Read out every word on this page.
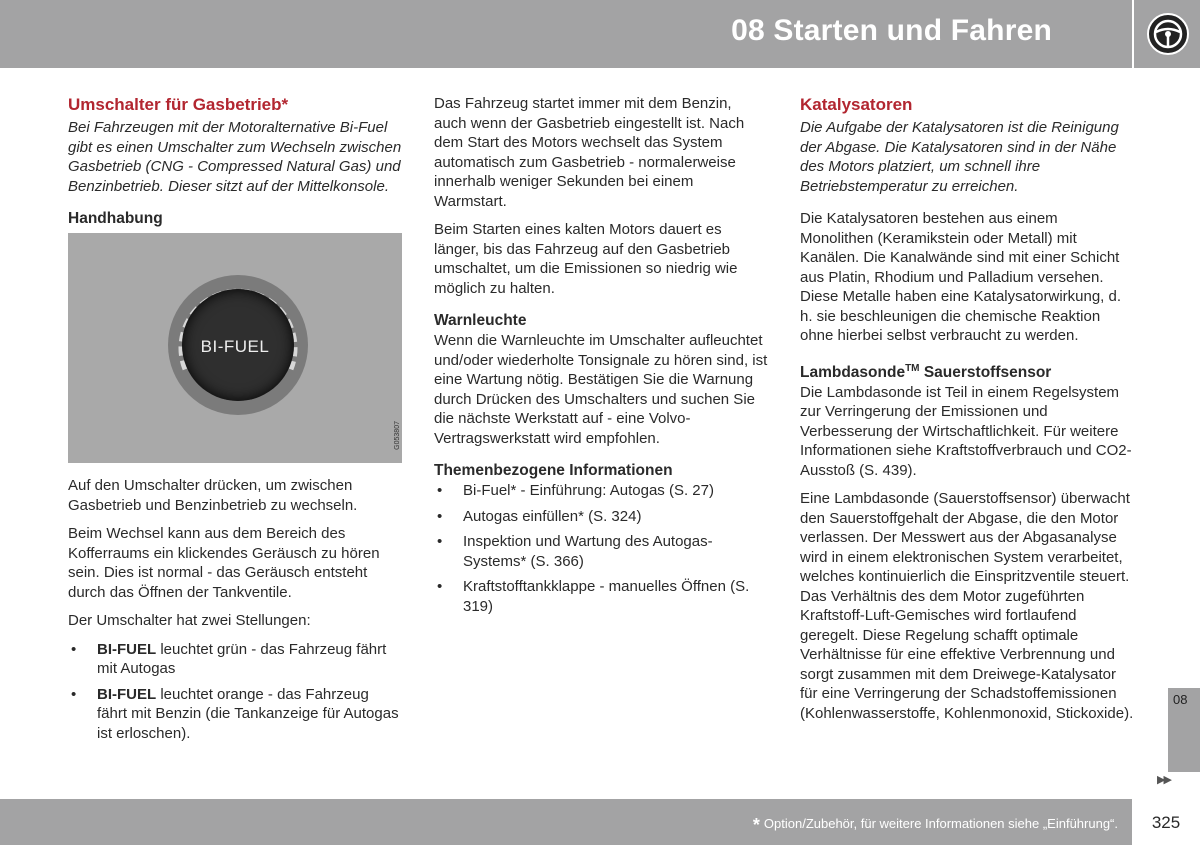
08 Starten und Fahren
Umschalter für Gasbetrieb*

Bei Fahrzeugen mit der Motoralternative Bi-Fuel gibt es einen Umschalter zum Wechseln zwischen Gasbetrieb (CNG - Compressed Natural Gas) und Benzinbetrieb. Dieser sitzt auf der Mittelkonsole.

Handhabung
BI-FUEL
G053807

Auf den Umschalter drücken, um zwischen Gasbetrieb und Benzinbetrieb zu wechseln.

Beim Wechsel kann aus dem Bereich des Kofferraums ein klickendes Geräusch zu hören sein. Dies ist normal - das Geräusch entsteht durch das Öffnen der Tankventile.

Der Umschalter hat zwei Stellungen:

• BI-FUEL leuchtet grün - das Fahrzeug fährt mit Autogas
• BI-FUEL leuchtet orange - das Fahrzeug fährt mit Benzin (die Tankanzeige für Autogas ist erloschen).

Das Fahrzeug startet immer mit dem Benzin, auch wenn der Gasbetrieb eingestellt ist. Nach dem Start des Motors wechselt das System automatisch zum Gasbetrieb - normalerweise innerhalb weniger Sekunden bei einem Warmstart.

Beim Starten eines kalten Motors dauert es länger, bis das Fahrzeug auf den Gasbetrieb umschaltet, um die Emissionen so niedrig wie möglich zu halten.

Warnleuchte

Wenn die Warnleuchte im Umschalter aufleuchtet und/oder wiederholte Tonsignale zu hören sind, ist eine Wartung nötig. Bestätigen Sie die Warnung durch Drücken des Umschalters und suchen Sie die nächste Werkstatt auf - eine Volvo-Vertragswerkstatt wird empfohlen.

Themenbezogene Informationen
• Bi-Fuel* - Einführung: Autogas (S. 27)
• Autogas einfüllen* (S. 324)
• Inspektion und Wartung des Autogas-Systems* (S. 366)
• Kraftstofftankklappe - manuelles Öffnen (S. 319)
Katalysatoren

Die Aufgabe der Katalysatoren ist die Reinigung der Abgase. Die Katalysatoren sind in der Nähe des Motors platziert, um schnell ihre Betriebstemperatur zu erreichen.

Die Katalysatoren bestehen aus einem Monolithen (Keramikstein oder Metall) mit Kanälen. Die Kanalwände sind mit einer Schicht aus Platin, Rhodium und Palladium versehen. Diese Metalle haben eine Katalysatorwirkung, d. h. sie beschleunigen die chemische Reaktion ohne hierbei selbst verbraucht zu werden.

Lambdasonde™ Sauerstoffsensor

Die Lambdasonde ist Teil in einem Regelsystem zur Verringerung der Emissionen und Verbesserung der Wirtschaftlichkeit. Für weitere Informationen siehe Kraftstoffverbrauch und CO2-Ausstoß (S. 439).

Eine Lambdasonde (Sauerstoffsensor) überwacht den Sauerstoffgehalt der Abgase, die den Motor verlassen. Der Messwert aus der Abgasanalyse wird in einem elektronischen System verarbeitet, welches kontinuierlich die Einspritzventile steuert. Das Verhältnis des dem Motor zugeführten Kraftstoff-Luft-Gemisches wird fortlaufend geregelt. Diese Regelung schafft optimale Verhältnisse für eine effektive Verbrennung und sorgt zusammen mit dem Dreiwege-Katalysator für eine Verringerung der Schadstoffemissionen (Kohlenwasserstoffe, Kohlenmonoxid, Stickoxide).

08
▶▶
* Option/Zubehör, für weitere Informationen siehe „Einführung“.	325
